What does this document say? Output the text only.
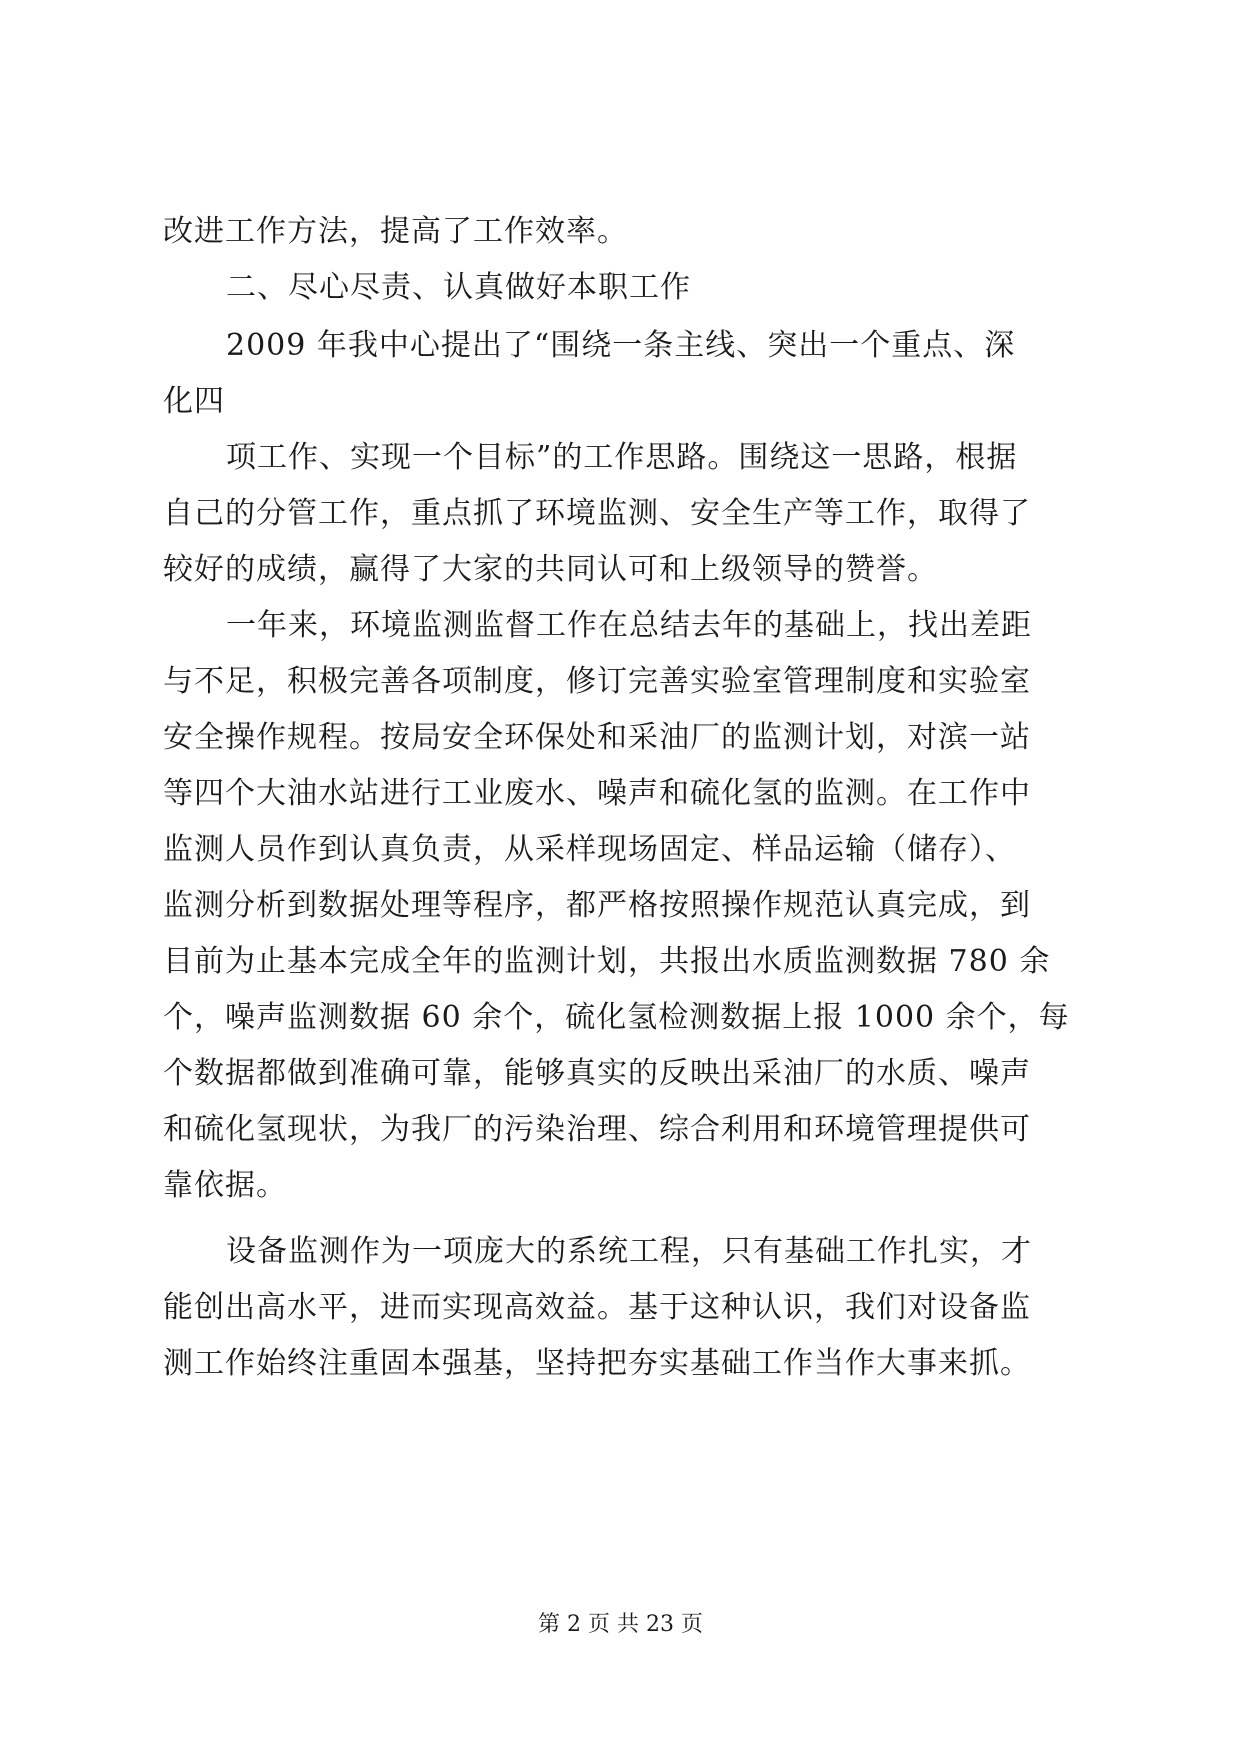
改进工作方法，提高了工作效率。
二、尽心尽责、认真做好本职工作
2009 年我中心提出了“围绕一条主线、突出一个重点、深
化四
项工作、实现一个目标”的工作思路。围绕这一思路，根据
自己的分管工作，重点抓了环境监测、安全生产等工作，取得了
较好的成绩，赢得了大家的共同认可和上级领导的赞誉。
一年来，环境监测监督工作在总结去年的基础上，找出差距
与不足，积极完善各项制度，修订完善实验室管理制度和实验室
安全操作规程。按局安全环保处和采油厂的监测计划，对滨一站
等四个大油水站进行工业废水、噪声和硫化氢的监测。在工作中
监测人员作到认真负责，从采样现场固定、样品运输（储存）、
监测分析到数据处理等程序，都严格按照操作规范认真完成，到
目前为止基本完成全年的监测计划，共报出水质监测数据 780 余
个，噪声监测数据 60 余个，硫化氢检测数据上报 1000 余个，每
个数据都做到准确可靠，能够真实的反映出采油厂的水质、噪声
和硫化氢现状，为我厂的污染治理、综合利用和环境管理提供可
靠依据。
设备监测作为一项庞大的系统工程，只有基础工作扎实，才
能创出高水平，进而实现高效益。基于这种认识，我们对设备监
测工作始终注重固本强基，坚持把夯实基础工作当作大事来抓。
第 2 页 共 23 页
